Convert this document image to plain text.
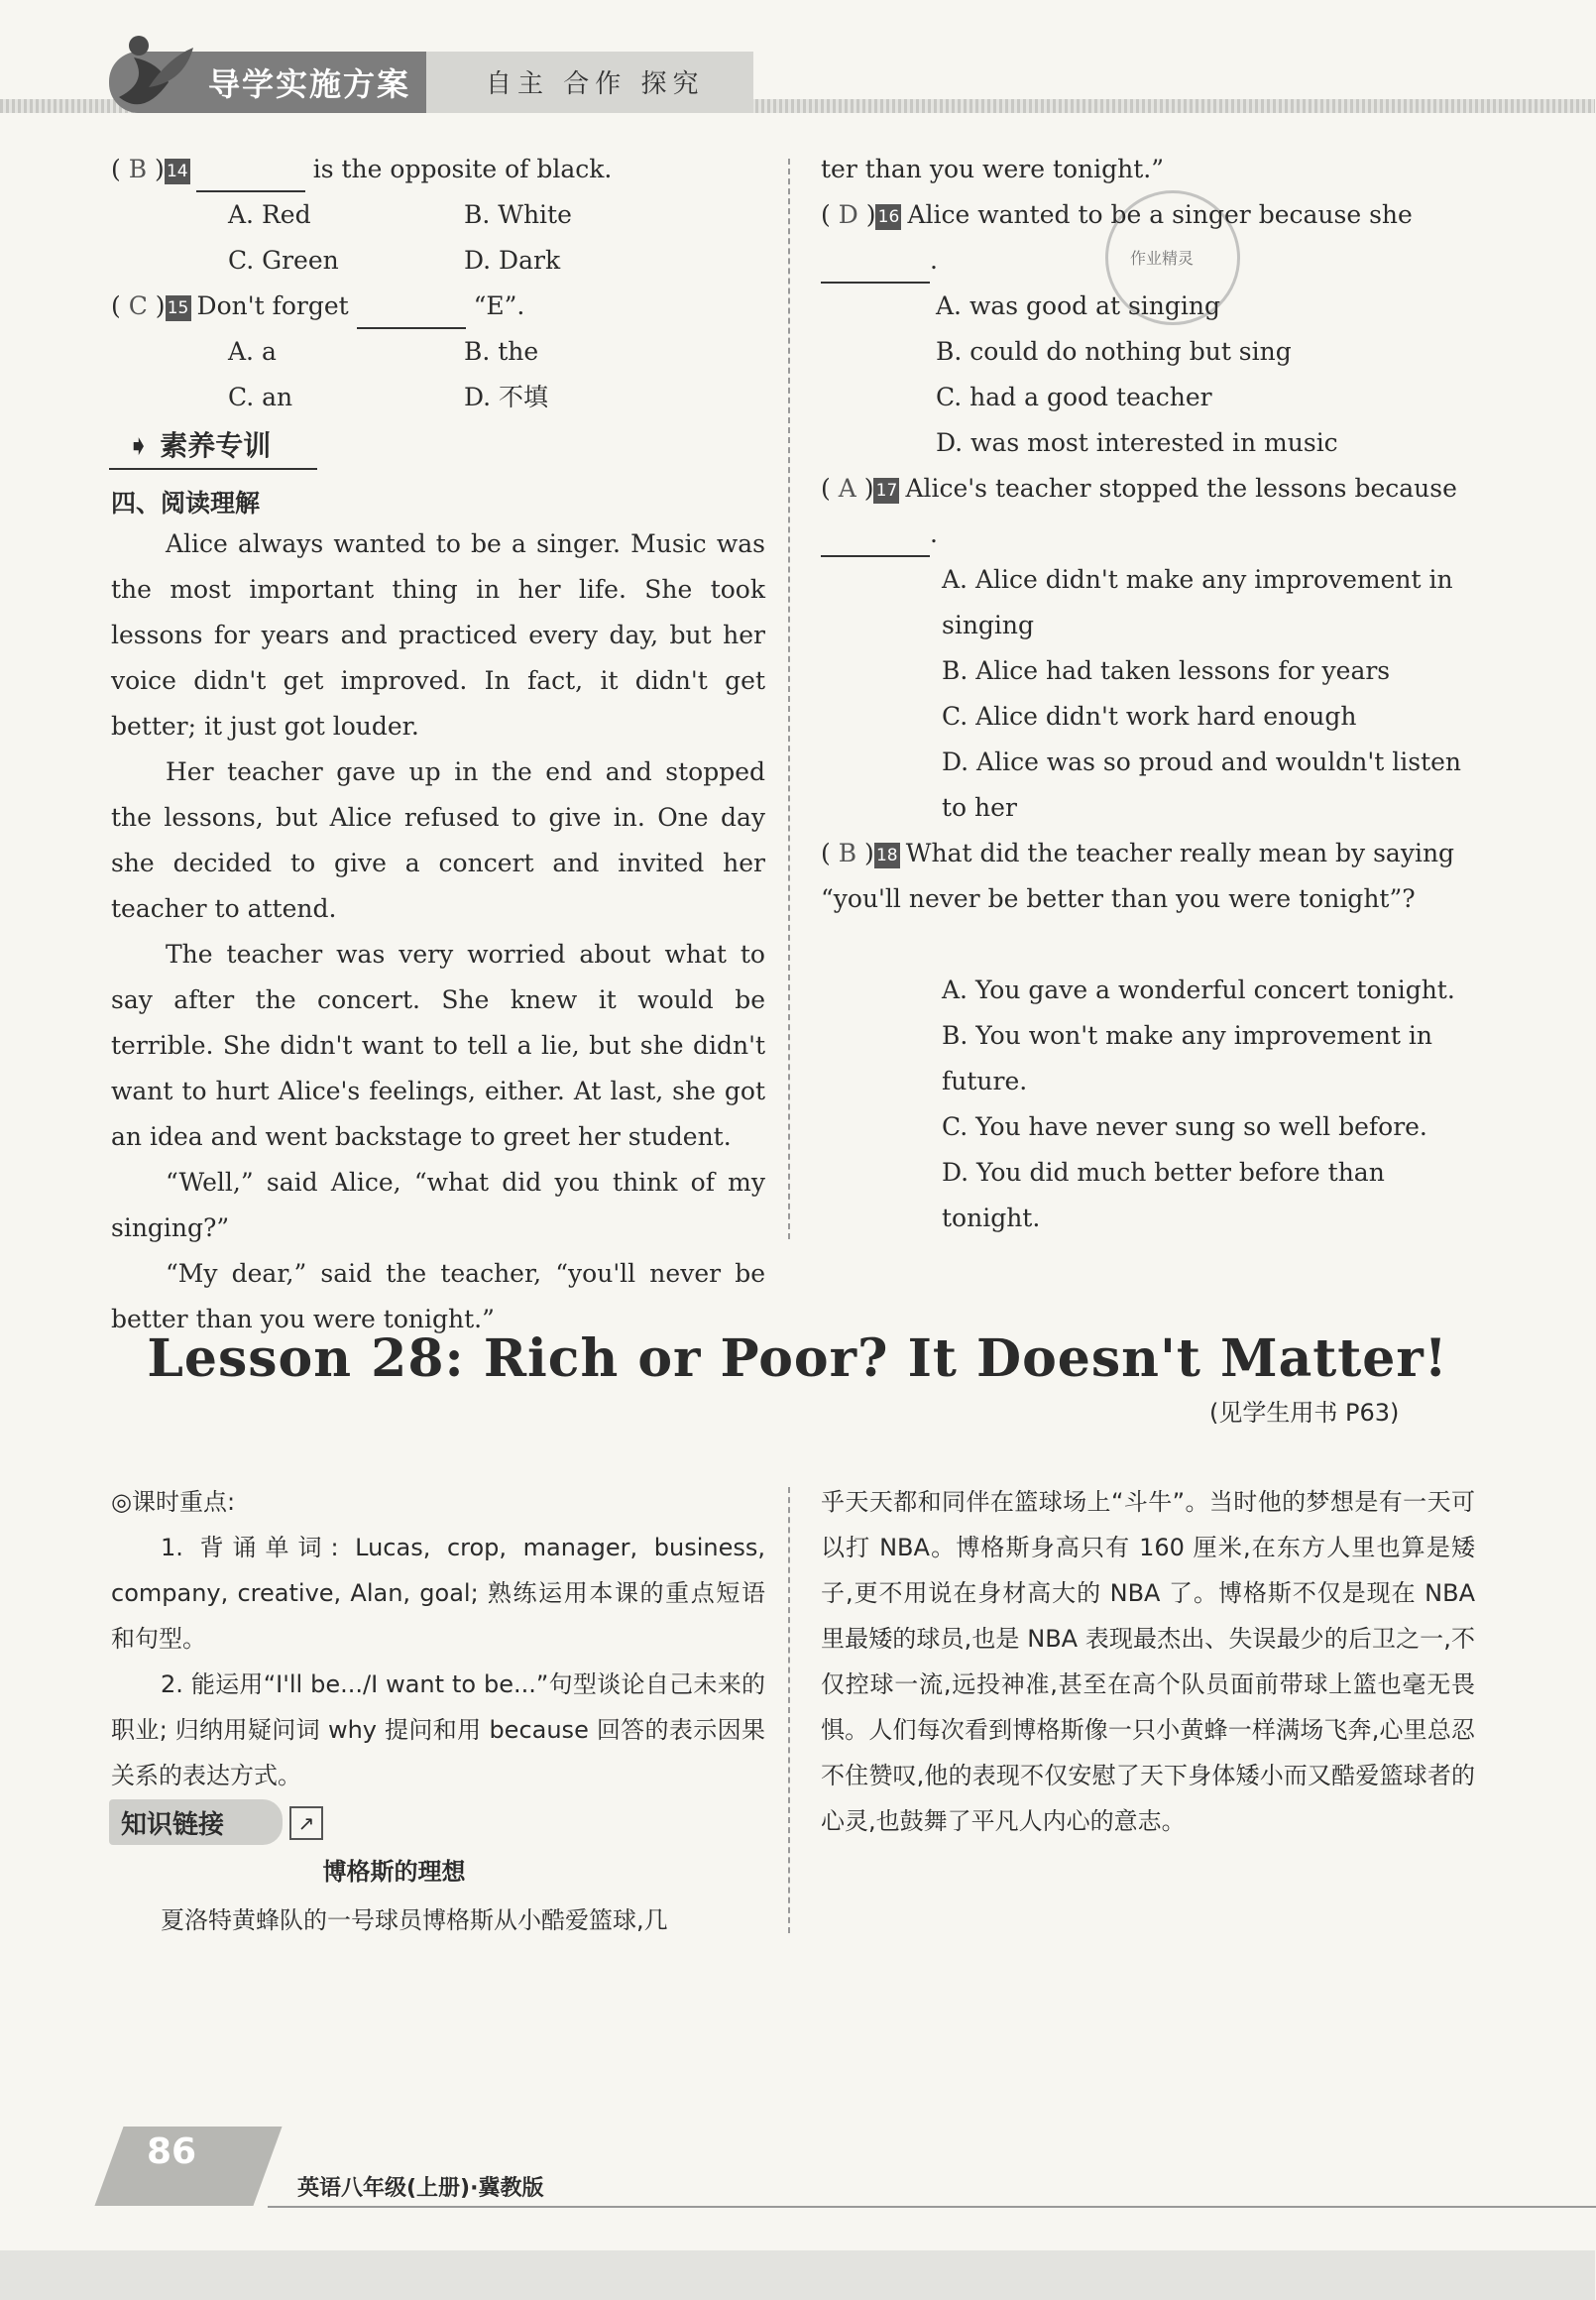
导学实施方案	自主 合作 探究
( B ) 14	is the opposite of black.
A. Red	B. White
C. Green	D. Dark
( C ) 15 Don't forget	“E”.
A. a	B. the
C. an	D. 不填
➧ 素养专训
四、阅读理解
Alice always wanted to be a singer. Music was the most important thing in her life. She took lessons for years and practiced every day, but her voice didn't get improved. In fact, it didn't get better; it just got louder.
Her teacher gave up in the end and stopped the lessons, but Alice refused to give in. One day she decided to give a concert and invited her teacher to attend.
The teacher was very worried about what to say after the concert. She knew it would be terrible. She didn't want to tell a lie, but she didn't want to hurt Alice's feelings, either. At last, she got an idea and went backstage to greet her student.
“Well,” said Alice, “what did you think of my singing?”
“My dear,” said the teacher, “you'll never be better than you were tonight.”
ter than you were tonight.”
作业精灵
( D ) 16 Alice wanted to be a singer because she .
A. was good at singing
B. could do nothing but sing
C. had a good teacher
D. was most interested in music
( A ) 17 Alice's teacher stopped the lessons because .
A. Alice didn't make any improvement in singing
B. Alice had taken lessons for years
C. Alice didn't work hard enough
D. Alice was so proud and wouldn't listen to her
( B ) 18 What did the teacher really mean by saying “you'll never be better than you were tonight”?
A. You gave a wonderful concert tonight.
B. You won't make any improvement in future.
C. You have never sung so well before.
D. You did much better before than tonight.
Lesson 28: Rich or Poor? It Doesn't Matter!
(见学生用书 P63)
◎课时重点:
1. 背诵单词: Lucas, crop, manager, business, company, creative, Alan, goal; 熟练运用本课的重点短语和句型。
2. 能运用“I'll be.../I want to be...”句型谈论自己未来的职业; 归纳用疑问词 why 提问和用 because 回答的表示因果关系的表达方式。
知识链接	↗
博格斯的理想
夏洛特黄蜂队的一号球员博格斯从小酷爱篮球,几
乎天天都和同伴在篮球场上“斗牛”。当时他的梦想是有一天可以打 NBA。博格斯身高只有 160 厘米,在东方人里也算是矮子,更不用说在身材高大的 NBA 了。博格斯不仅是现在 NBA 里最矮的球员,也是 NBA 表现最杰出、失误最少的后卫之一,不仅控球一流,远投神准,甚至在高个队员面前带球上篮也毫无畏惧。人们每次看到博格斯像一只小黄蜂一样满场飞奔,心里总忍不住赞叹,他的表现不仅安慰了天下身体矮小而又酷爱篮球者的心灵,也鼓舞了平凡人内心的意志。
86
英语八年级(上册)·冀教版
